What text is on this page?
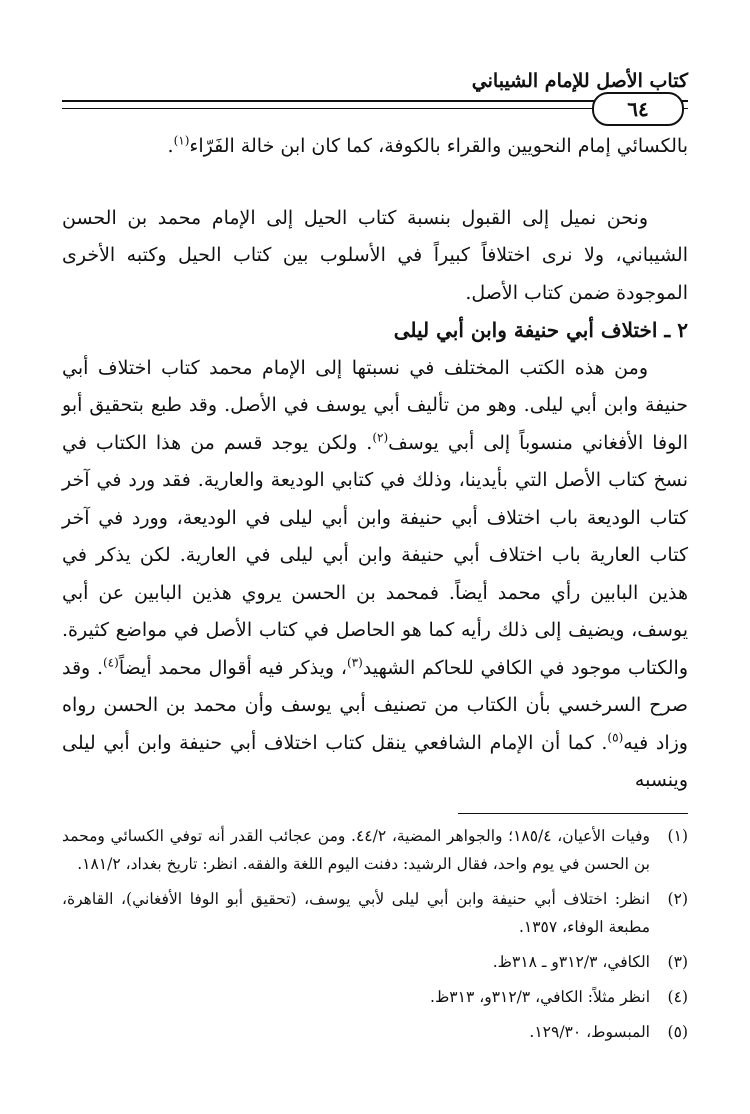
كتاب الأصل للإمام الشيباني
٦٤

بالكسائي إمام النحويين والقراء بالكوفة، كما كان ابن خالة الفَرّاء$^{(١)}$.

ونحن نميل إلى القبول بنسبة كتاب الحيل إلى الإمام محمد بن الحسن الشيباني، ولا نرى اختلافاً كبيراً في الأسلوب بين كتاب الحيل وكتبه الأخرى الموجودة ضمن كتاب الأصل.

٢ ـ اختلاف أبي حنيفة وابن أبي ليلى

ومن هذه الكتب المختلف في نسبتها إلى الإمام محمد كتاب اختلاف أبي حنيفة وابن أبي ليلى. وهو من تأليف أبي يوسف في الأصل. وقد طبع بتحقيق أبو الوفا الأفغاني منسوباً إلى أبي يوسف$^{(٢)}$. ولكن يوجد قسم من هذا الكتاب في نسخ كتاب الأصل التي بأيدينا، وذلك في كتابي الوديعة والعارية. فقد ورد في آخر كتاب الوديعة باب اختلاف أبي حنيفة وابن أبي ليلى في الوديعة، وورد في آخر كتاب العارية باب اختلاف أبي حنيفة وابن أبي ليلى في العارية. لكن يذكر في هذين البابين رأي محمد أيضاً. فمحمد بن الحسن يروي هذين البابين عن أبي يوسف، ويضيف إلى ذلك رأيه كما هو الحاصل في كتاب الأصل في مواضع كثيرة. والكتاب موجود في الكافي للحاكم الشهيد$^{(٣)}$، ويذكر فيه أقوال محمد أيضاً$^{(٤)}$. وقد صرح السرخسي بأن الكتاب من تصنيف أبي يوسف وأن محمد بن الحسن رواه وزاد فيه$^{(٥)}$. كما أن الإمام الشافعي ينقل كتاب اختلاف أبي حنيفة وابن أبي ليلى وينسبه

(١)
وفيات الأعيان، ١٨٥/٤؛ والجواهر المضية، ٤٤/٢. ومن عجائب القدر أنه توفي الكسائي ومحمد بن الحسن في يوم واحد، فقال الرشيد: دفنت اليوم اللغة والفقه. انظر: تاريخ بغداد، ١٨١/٢.
(٢)
انظر: اختلاف أبي حنيفة وابن أبي ليلى لأبي يوسف، (تحقيق أبو الوفا الأفغاني)، القاهرة، مطبعة الوفاء، ١٣٥٧.
(٣)
الكافي، ٣١٢/٣و ـ ٣١٨ظ.
(٤)
انظر مثلاً: الكافي، ٣١٢/٣و، ٣١٣ظ.
(٥)
المبسوط، ١٢٩/٣٠.
